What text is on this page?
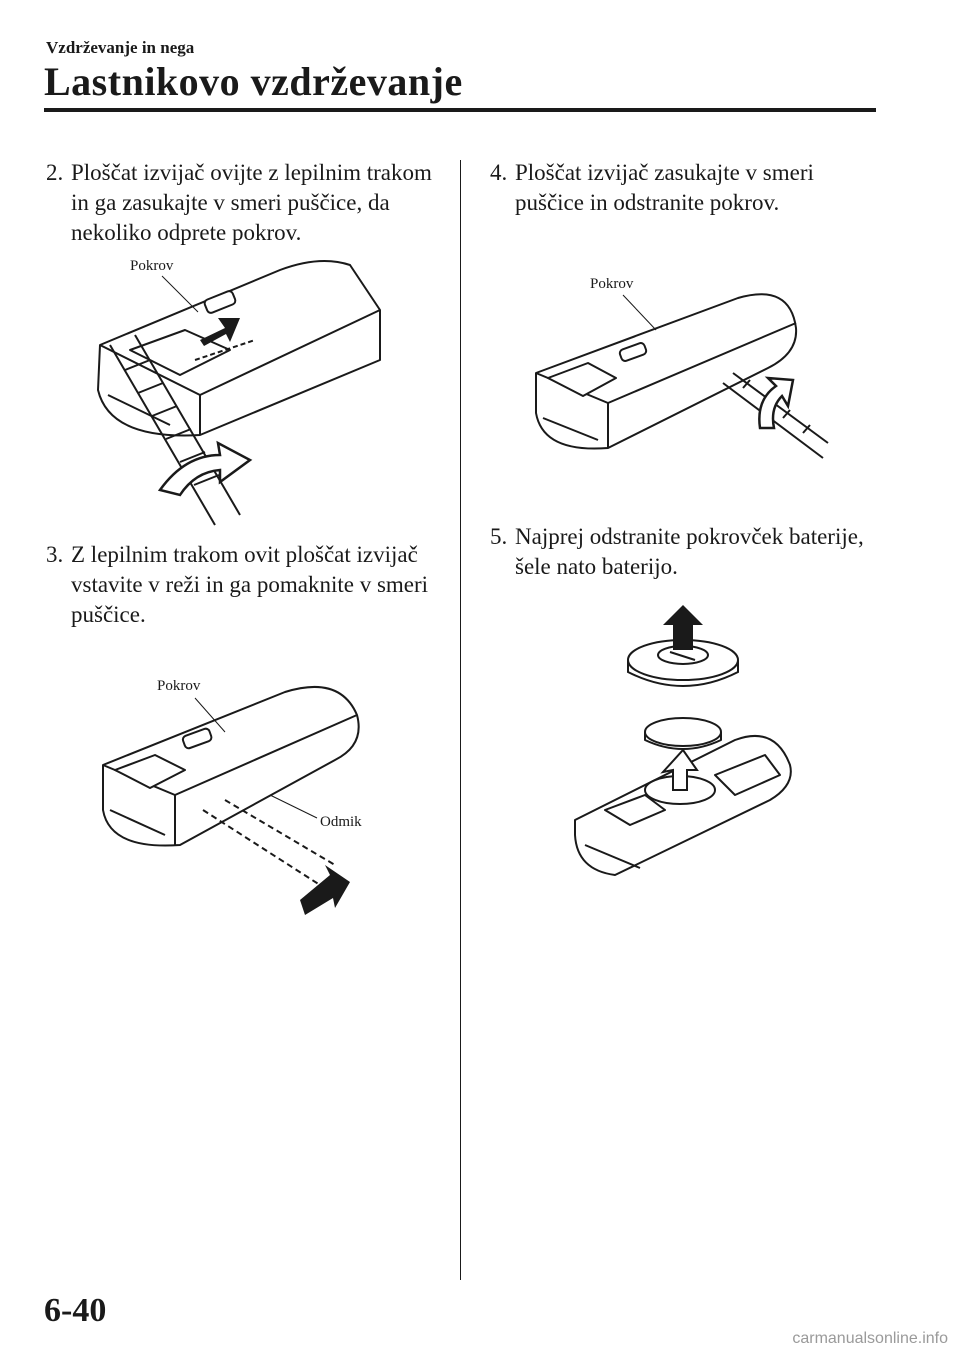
Vzdrževanje in nega
Lastnikovo vzdrževanje
2. Ploščat izvijač ovijte z lepilnim trakom
in ga zasukajte v smeri puščice, da
nekoliko odprete pokrov.
Pokrov
3. Z lepilnim trakom ovit ploščat izvijač
vstavite v reži in ga pomaknite v smeri
puščice.
Pokrov
Odmik
4. Ploščat izvijač zasukajte v smeri
puščice in odstranite pokrov.
Pokrov
5. Najprej odstranite pokrovček baterije,
šele nato baterijo.
6-40
carmanualsonline.info
